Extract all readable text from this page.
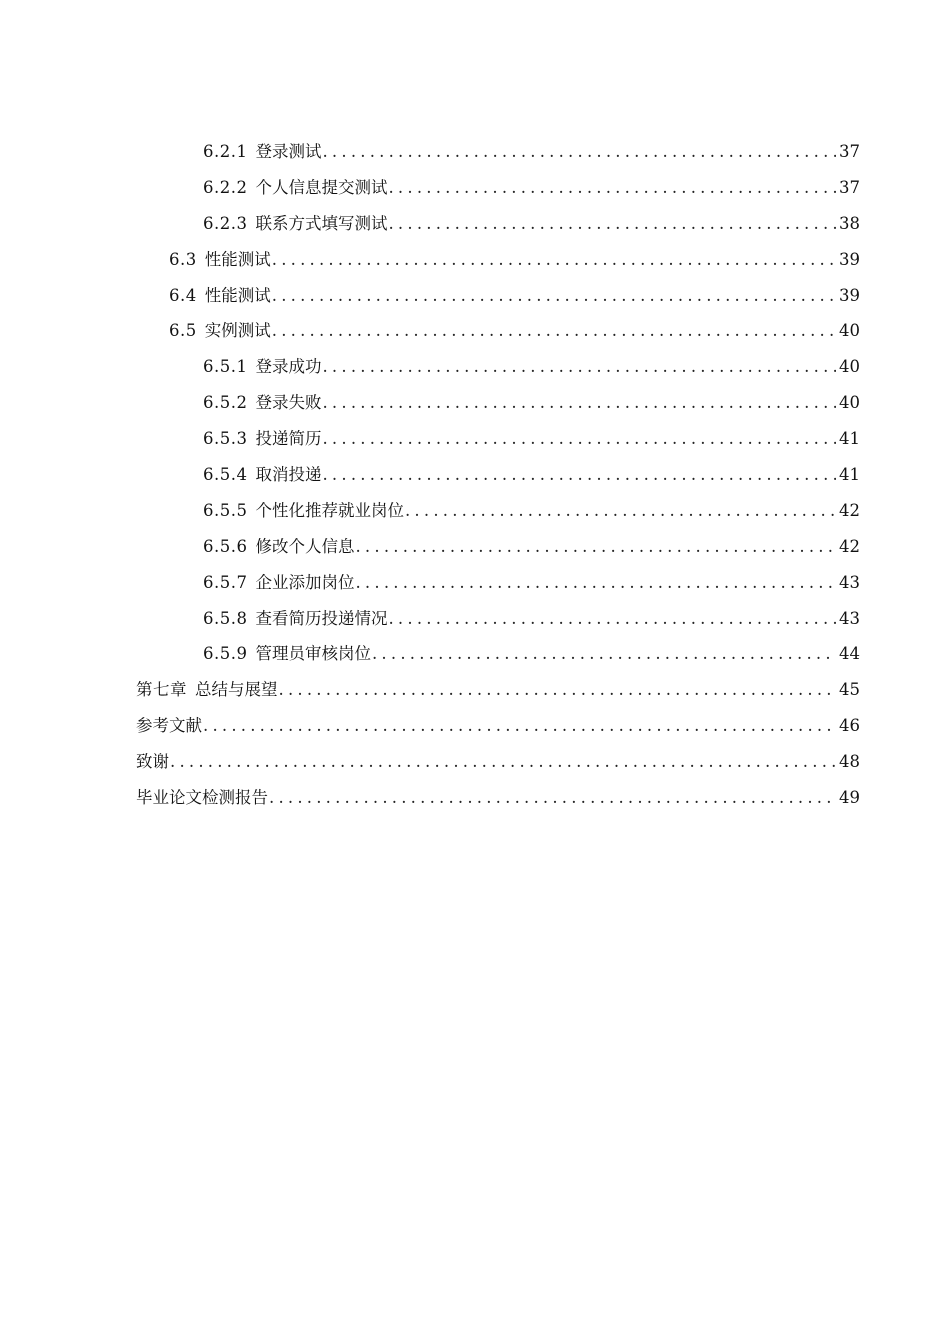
6.2.1 登录测试 .....	37
6.2.2 个人信息提交测试 .....	37
6.2.3 联系方式填写测试 .....	38
6.3 性能测试 .....	39
6.4 性能测试 .....	39
6.5 实例测试 .....	40
6.5.1 登录成功 .....	40
6.5.2 登录失败 .....	40
6.5.3 投递简历 .....	41
6.5.4 取消投递 .....	41
6.5.5 个性化推荐就业岗位 .....	42
6.5.6 修改个人信息 .....	42
6.5.7 企业添加岗位 .....	43
6.5.8 查看简历投递情况 .....	43
6.5.9 管理员审核岗位 .....	44
第七章 总结与展望 .....	45
参考文献 .....	46
致谢 .....	48
毕业论文检测报告 .....	49
